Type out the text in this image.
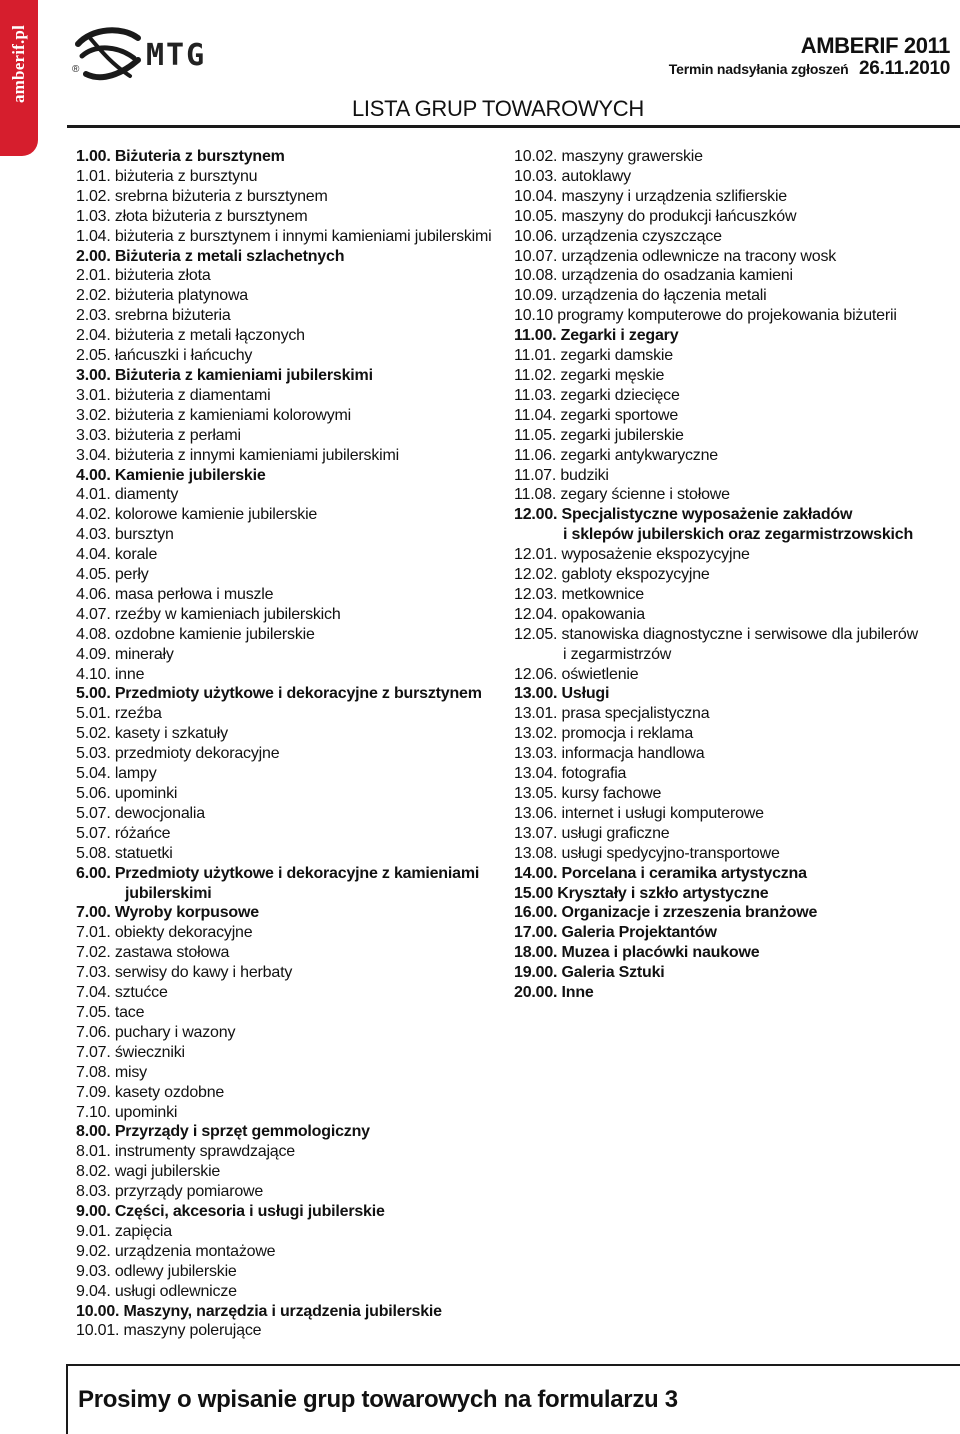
amberif.pl	® MTG	AMBERIF 2011
Termin nadsyłania zgłoszeń 26.11.2010
LISTA GRUP TOWAROWYCH
1.00. Biżuteria z bursztynem
1.01. biżuteria z bursztynu
1.02. srebrna biżuteria z bursztynem
1.03. złota biżuteria z bursztynem
1.04. biżuteria z bursztynem i innymi kamieniami jubilerskimi
2.00. Biżuteria z metali szlachetnych
2.01. biżuteria złota
2.02. biżuteria platynowa
2.03. srebrna biżuteria
2.04. biżuteria z metali łączonych
2.05. łańcuszki i łańcuchy
3.00. Biżuteria z kamieniami jubilerskimi
3.01. biżuteria z diamentami
3.02. biżuteria z kamieniami kolorowymi
3.03. biżuteria z perłami
3.04. biżuteria z innymi kamieniami jubilerskimi
4.00. Kamienie jubilerskie
4.01. diamenty
4.02. kolorowe kamienie jubilerskie
4.03. bursztyn
4.04. korale
4.05. perły
4.06. masa perłowa i muszle
4.07. rzeźby w kamieniach jubilerskich
4.08. ozdobne kamienie jubilerskie
4.09. minerały
4.10. inne
5.00. Przedmioty użytkowe i dekoracyjne z bursztynem
5.01. rzeźba
5.02. kasety i szkatuły
5.03. przedmioty dekoracyjne
5.04. lampy
5.06. upominki
5.07. dewocjonalia
5.07. różańce
5.08. statuetki
6.00. Przedmioty użytkowe i dekoracyjne z kamieniami
jubilerskimi
7.00. Wyroby korpusowe
7.01. obiekty dekoracyjne
7.02. zastawa stołowa
7.03. serwisy do kawy i herbaty
7.04. sztućce
7.05. tace
7.06. puchary i wazony
7.07. świeczniki
7.08. misy
7.09. kasety ozdobne
7.10. upominki
8.00. Przyrządy i sprzęt gemmologiczny
8.01. instrumenty sprawdzające
8.02. wagi jubilerskie
8.03. przyrządy pomiarowe
9.00. Części, akcesoria i usługi jubilerskie
9.01. zapięcia
9.02. urządzenia montażowe
9.03. odlewy jubilerskie
9.04. usługi odlewnicze
10.00. Maszyny, narzędzia i urządzenia jubilerskie
10.01. maszyny polerujące
10.02. maszyny grawerskie
10.03. autoklawy
10.04. maszyny i urządzenia szlifierskie
10.05. maszyny do produkcji łańcuszków
10.06. urządzenia czyszczące
10.07. urządzenia odlewnicze na tracony wosk
10.08. urządzenia do osadzania kamieni
10.09. urządzenia do łączenia metali
10.10 programy komputerowe do projekowania biżuterii
11.00. Zegarki i zegary
11.01. zegarki damskie
11.02. zegarki męskie
11.03. zegarki dziecięce
11.04. zegarki sportowe
11.05. zegarki jubilerskie
11.06. zegarki antykwaryczne
11.07. budziki
11.08. zegary ścienne i stołowe
12.00. Specjalistyczne wyposażenie zakładów
i sklepów jubilerskich oraz zegarmistrzowskich
12.01. wyposażenie ekspozycyjne
12.02. gabloty ekspozycyjne
12.03. metkownice
12.04. opakowania
12.05. stanowiska diagnostyczne i serwisowe dla jubilerów
i zegarmistrzów
12.06. oświetlenie
13.00. Usługi
13.01. prasa specjalistyczna
13.02. promocja i reklama
13.03. informacja handlowa
13.04. fotografia
13.05. kursy fachowe
13.06. internet i usługi komputerowe
13.07. usługi graficzne
13.08. usługi spedycyjno-transportowe
14.00. Porcelana i ceramika artystyczna
15.00 Kryształy i szkło artystyczne
16.00. Organizacje i zrzeszenia branżowe
17.00. Galeria Projektantów
18.00. Muzea i placówki naukowe
19.00. Galeria Sztuki
20.00. Inne
Prosimy o wpisanie grup towarowych na formularzu 3
